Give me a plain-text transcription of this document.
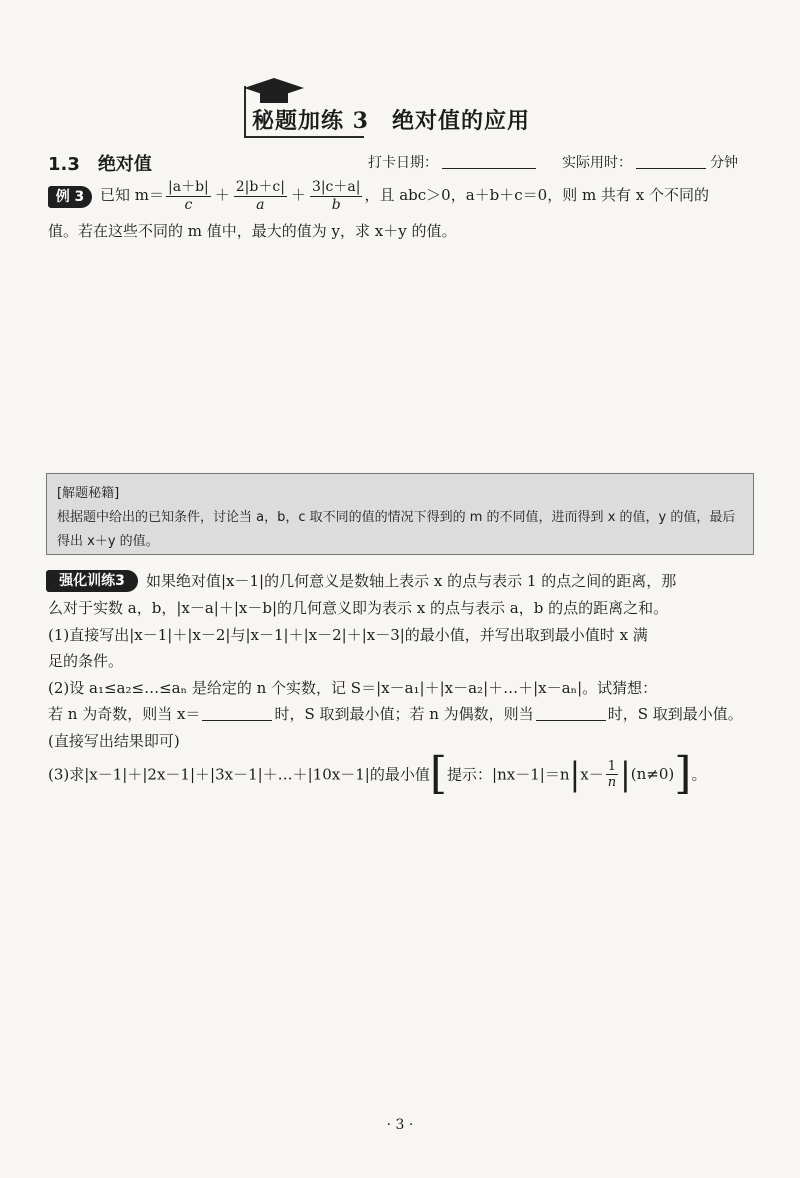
秘题加练 3　绝对值的应用
1.3 绝对值	打卡日期：	实际用时：	分钟
例 3	已知 $m= \frac{|a+b|}{c} + \frac{2|b+c|}{a} + \frac{3|c+a|}{b}$ ，且 abc＞0，a＋b＋c＝0，则 m 共有 x 个不同的
值。若在这些不同的 m 值中，最大的值为 y，求 x＋y 的值。
[解题秘籍]
根据题中给出的已知条件，讨论当 a，b，c 取不同的值的情况下得到的 m 的不同值，进而得到 x 的值，y 的值，最后
得出 x＋y 的值。
强化训练3	如果绝对值|x－1|的几何意义是数轴上表示 x 的点与表示 1 的点之间的距离，那
么对于实数 a，b，|x－a|＋|x－b|的几何意义即为表示 x 的点与表示 a，b 的点的距离之和。
(1)直接写出|x－1|＋|x－2|与|x－1|＋|x－2|＋|x－3|的最小值，并写出取到最小值时 x 满
足的条件。
(2)设 a₁≤a₂≤…≤aₙ 是给定的 n 个实数，记 S＝|x－a₁|＋|x－a₂|＋…＋|x－aₙ|。试猜想：
若 n 为奇数，则当 x＝	时，S 取到最小值；若 n 为偶数，则当	时，S 取到最小值。
(直接写出结果即可)
(3)求|x－1|＋|2x－1|＋|3x－1|＋…＋|10x－1|的最小值[提示：$|nx-1|=n|x- \frac{1}{n} |(n\ne 0)$]。
· 3 ·
